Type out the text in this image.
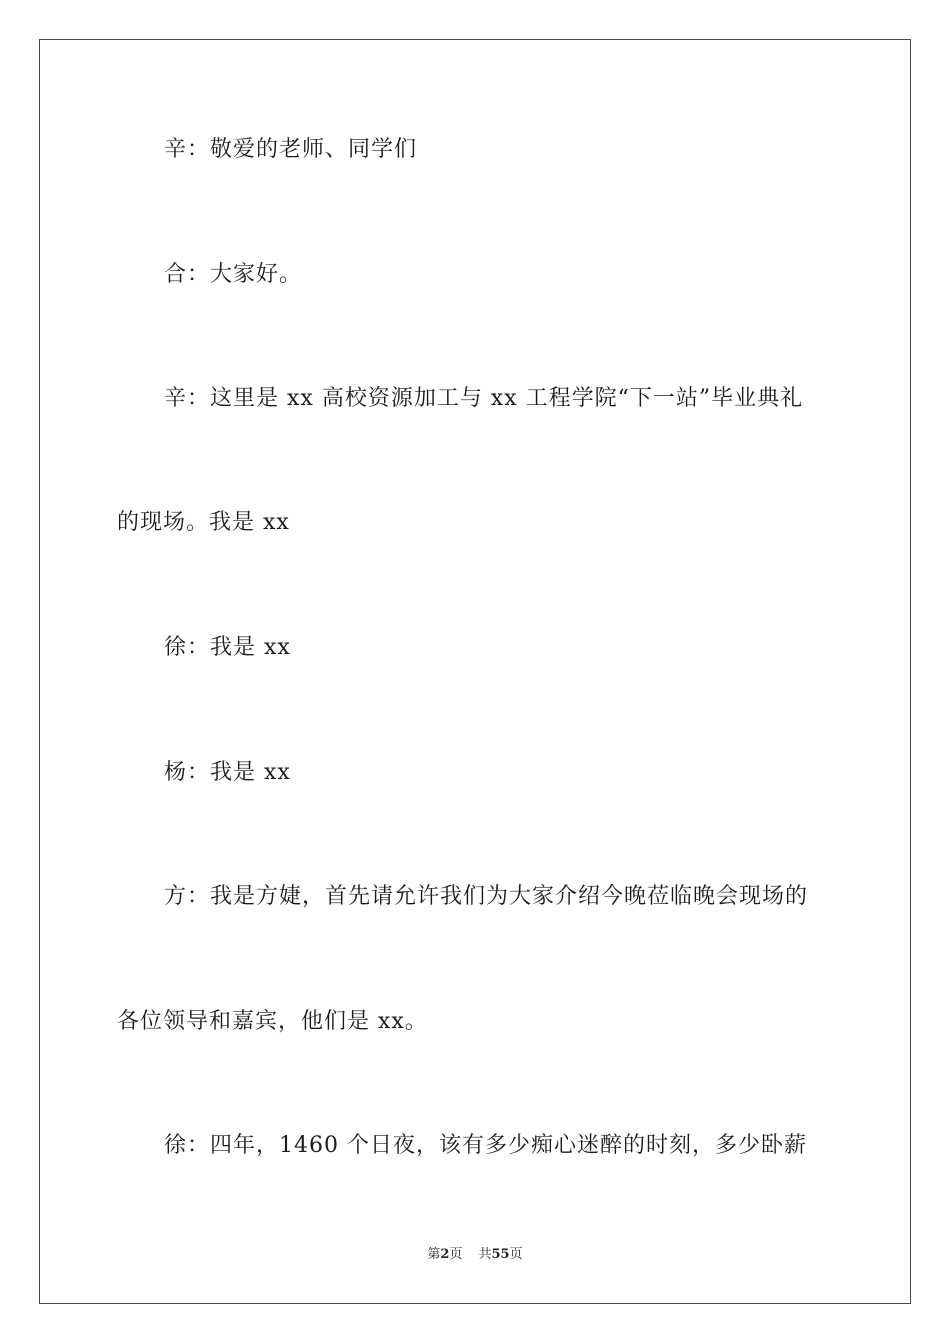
辛：敬爱的老师、同学们
合：大家好。
辛：这里是 xx 高校资源加工与 xx 工程学院“下一站”毕业典礼
的现场。我是 xx
徐：我是 xx
杨：我是 xx
方：我是方婕，首先请允许我们为大家介绍今晚莅临晚会现场的
各位领导和嘉宾，他们是 xx。
徐：四年，1460 个日夜，该有多少痴心迷醉的时刻，多少卧薪
第2页 共55页
